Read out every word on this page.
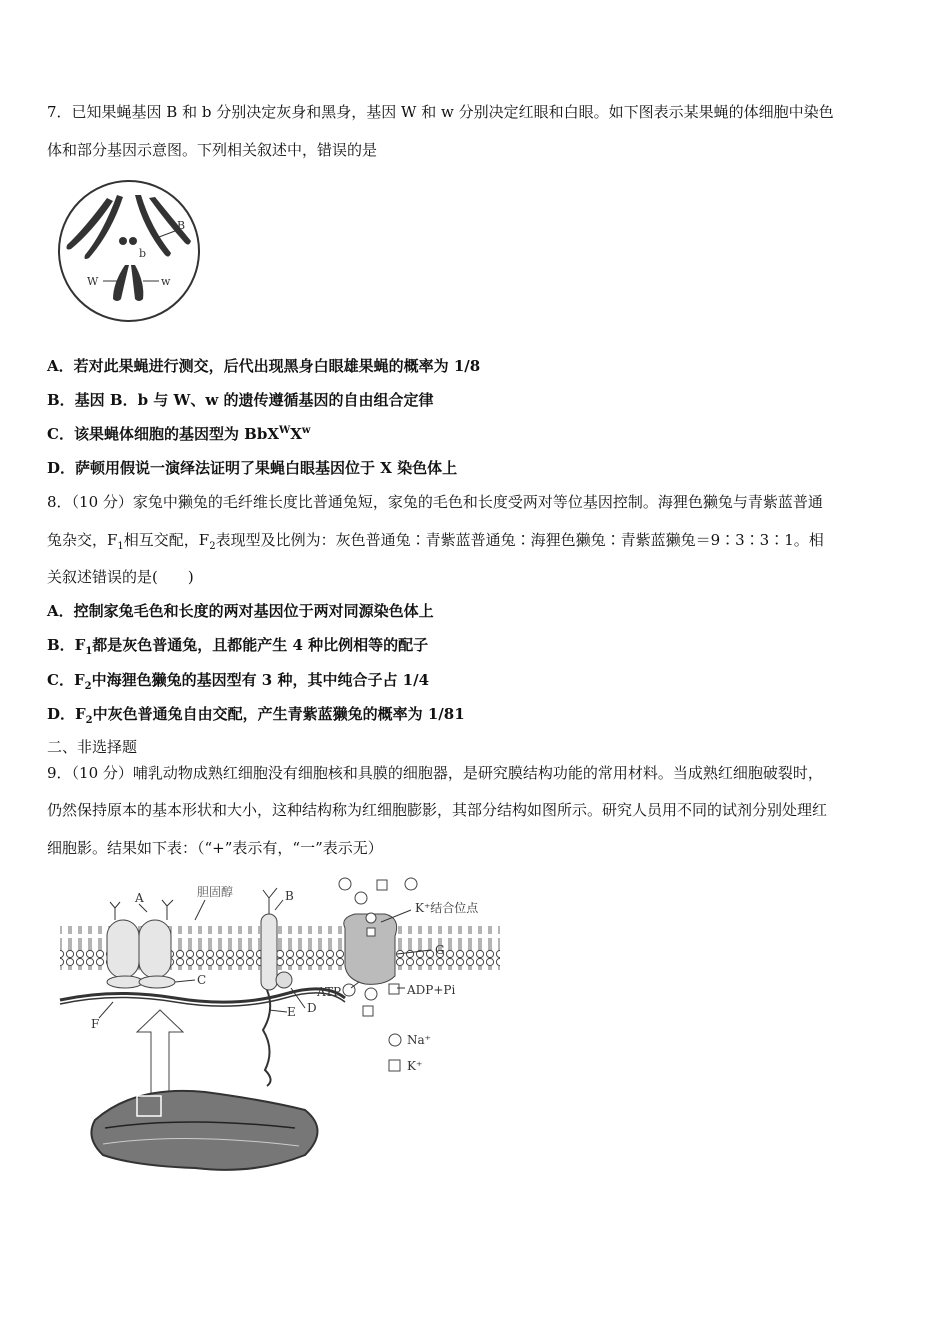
7．已知果蝇基因 B 和 b 分别决定灰身和黑身，基因 W 和 w 分别决定红眼和白眼。如下图表示某果蝇的体细胞中染色
体和部分基因示意图。下列相关叙述中，错误的是
B
b
W	w
A．若对此果蝇进行测交，后代出现黑身白眼雄果蝇的概率为 1/8
B．基因 B．b 与 W、w 的遗传遵循基因的自由组合定律
C．该果蝇体细胞的基因型为 $BbX^WX^w$
D．萨顿用假说一演绎法证明了果蝇白眼基因位于 X 染色体上
8．（10 分）家兔中獭兔的毛纤维长度比普通兔短，家兔的毛色和长度受两对等位基因控制。海狸色獭兔与青紫蓝普通
兔杂交，$F_1$相互交配，$F_2$表现型及比例为：灰色普通兔∶青紫蓝普通兔∶海狸色獭兔∶青紫蓝獭兔＝9∶3∶3∶1。相
关叙述错误的是(　　)
A．控制家兔毛色和长度的两对基因位于两对同源染色体上
B．$F_1$都是灰色普通兔，且都能产生 4 种比例相等的配子
C．$F_2$中海狸色獭兔的基因型有 3 种，其中纯合子占 1/4
D．$F_2$中灰色普通兔自由交配，产生青紫蓝獭兔的概率为 1/81
二、非选择题
9．（10 分）哺乳动物成熟红细胞没有细胞核和具膜的细胞器，是研究膜结构功能的常用材料。当成熟红细胞破裂时，
仍然保持原本的基本形状和大小，这种结构称为红细胞膨影，其部分结构如图所示。研究人员用不同的试剂分别处理红
细胞影。结果如下表：（“+”表示有，“一”表示无）
A	胆固醇	B
K⁺结合位点
G
C
F
ATP	ADP+Pi
E D
Na⁺
K⁺
